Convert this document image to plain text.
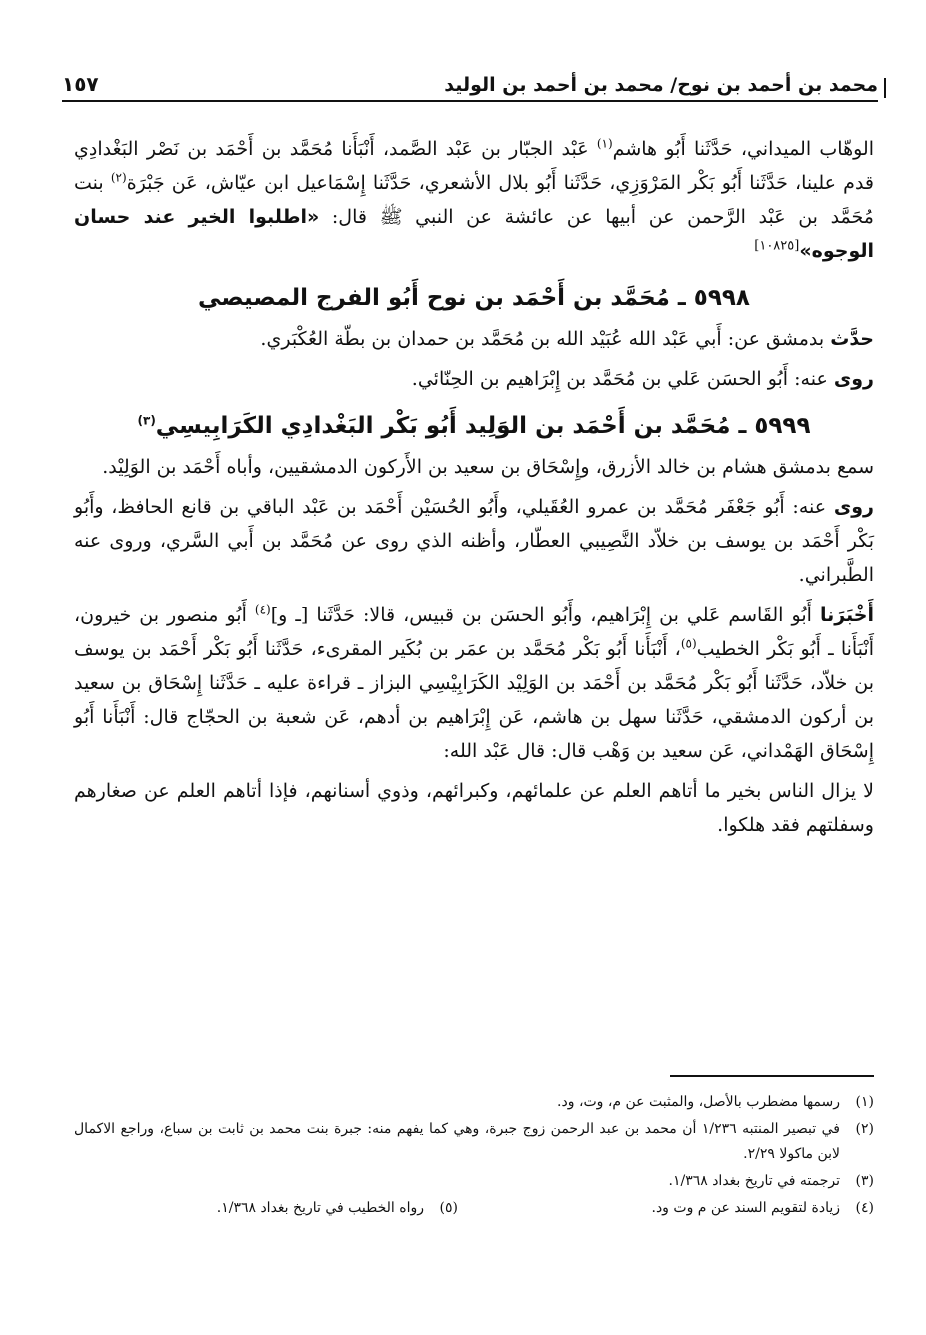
١٥٧	محمد بن أحمد بن نوح/ محمد بن أحمد بن الوليد

الوهّاب الميداني، حَدَّثَنا أَبُو هاشم$^{(١)}$ عَبْد الجبّار بن عَبْد الصَّمد، أَنْبَأَنا مُحَمَّد بن أَحْمَد بن نَصْر البَغْدادِي قدم علينا، حَدَّثَنا أَبُو بَكْر المَرْوَزِي، حَدَّثَنا أَبُو بلال الأشعري، حَدَّثَنا إِسْمَاعيل ابن عيّاش، عَن جَبْرَة$^{(٢)}$ بنت مُحَمَّد بن عَبْد الرَّحمن عن أبيها عن عائشة عن النبي ﷺ قال: «اطلبوا الخير عند حسان الوجوه»[١٠٨٢٥]

٥٩٩٨ ـ مُحَمَّد بن أَحْمَد بن نوح أَبُو الفرج المصيصي

حدَّث بدمشق عن: أَبي عَبْد الله عُبَيْد الله بن مُحَمَّد بن حمدان بن بطّة العُكْبَري.

روى عنه: أَبُو الحسَن عَلي بن مُحَمَّد بن إِبْرَاهيم بن الحِنّائي.

٥٩٩٩ ـ مُحَمَّد بن أَحْمَد بن الوَلِيد أَبُو بَكْر البَغْدادِي الكَرَابِيسِي$^{(٣)}$

سمع بدمشق هشام بن خالد الأزرق، وإِسْحَاق بن سعيد بن الأَركون الدمشقيين، وأباه أَحْمَد بن الوَلِيْد.

روى عنه: أَبُو جَعْفَر مُحَمَّد بن عمرو العُقَيلي، وأَبُو الحُسَيْن أَحْمَد بن عَبْد الباقي بن قانع الحافظ، وأَبُو بَكْر أَحْمَد بن يوسف بن خلاّد النَّصِيبي العطّار، وأظنه الذي روى عن مُحَمَّد بن أَبي السَّري، وروى عنه الطَّبراني.

أَخْبَرَنا أَبُو القَاسم عَلي بن إِبْرَاهيم، وأَبُو الحسَن بن قبيس، قالا: حَدَّثَنا [ـ و]$^{(٤)}$ أَبُو منصور بن خيرون، أَنْبَأَنا ـ أَبُو بَكْر الخطيب$^{(٥)}$، أَنْبَأَنا أَبُو بَكْر مُحَمَّد بن عمَر بن بُكَير المقرىء، حَدَّثَنا أَبُو بَكْر أَحْمَد بن يوسف بن خلاّد، حَدَّثَنا أَبُو بَكْر مُحَمَّد بن أَحْمَد بن الوَلِيْد الكَرَابِيْسِي البزاز ـ قراءة عليه ـ حَدَّثَنا إِسْحَاق بن سعيد بن أركون الدمشقي، حَدَّثَنا سهل بن هاشم، عَن إِبْرَاهيم بن أدهم، عَن شعبة بن الحجّاج قال: أَنْبَأَنا أَبُو إِسْحَاق الهَمْداني، عَن سعيد بن وَهْب قال: قال عَبْد الله:

لا يزال الناس بخير ما أتاهم العلم عن علمائهم، وكبرائهم، وذوي أسنانهم، فإذا أتاهم العلم عن صغارهم وسفلتهم فقد هلكوا.

(١)
رسمها مضطرب بالأصل، والمثبت عن م، وت، ود.
(٢)
في تبصير المنتبه ١/٢٣٦ أن محمد بن عبد الرحمن زوج جبرة، وهي كما يفهم منه: جبرة بنت محمد بن ثابت بن سباع، وراجع الاكمال لابن ماكولا ٢/٢٩.
(٣)
ترجمته في تاريخ بغداد ١/٣٦٨.
(٤)
زيادة لتقويم السند عن م وت ود.
(٥)
رواه الخطيب في تاريخ بغداد ١/٣٦٨.
